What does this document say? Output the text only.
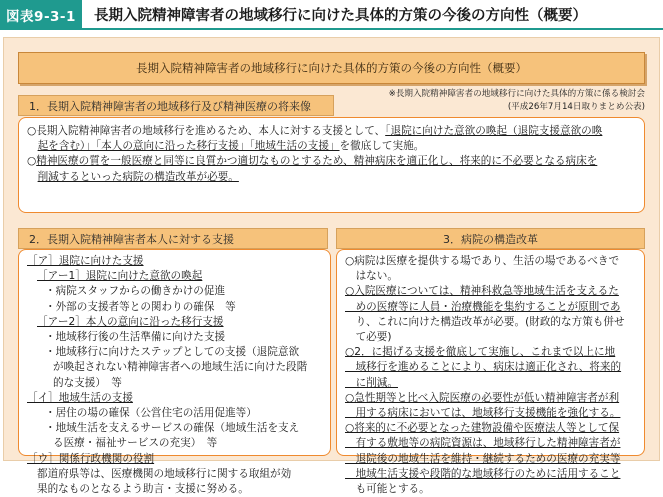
図表9-3-1	長期入院精神障害者の地域移行に向けた具体的方策の今後の方向性（概要）
長期入院精神障害者の地域移行に向けた具体的方策の今後の方向性（概要）
※長期入院精神障害者の地域移行に向けた具体的方策に係る検討会
(平成26年7月14日取りまとめ公表)
1．長期入院精神障害者の地域移行及び精神医療の将来像
○長期入院精神障害者の地域移行を進めるため、本人に対する支援として、「退院に向けた意欲の喚起（退院支援意欲の喚
起を含む）」「本人の意向に沿った移行支援」「地域生活の支援」を徹底して実施。
○精神医療の質を一般医療と同等に良質かつ適切なものとするため、精神病床を適正化し、将来的に不必要となる病床を
削減するといった病院の構造改革が必要。
2．長期入院精神障害者本人に対する支援
［ア］退院に向けた支援
［アー1］退院に向けた意欲の喚起
・病院スタッフからの働きかけの促進
・外部の支援者等との関わりの確保　等
［アー2］本人の意向に沿った移行支援
・地域移行後の生活準備に向けた支援
・地域移行に向けたステップとしての支援（退院意欲
が喚起されない精神障害者への地域生活に向けた段階
的な支援）　等
［イ］地域生活の支援
・居住の場の確保（公営住宅の活用促進等）
・地域生活を支えるサービスの確保（地域生活を支え
る医療・福祉サービスの充実）　等
［ウ］関係行政機関の役割
都道府県等は、医療機関の地域移行に関する取組が効
果的なものとなるよう助言・支援に努める。
3．病院の構造改革
○病院は医療を提供する場であり、生活の場であるべきで
　はない。
○入院医療については、精神科救急等地域生活を支えるた
　めの医療等に人員・治療機能を集約することが原則であ
　り、これに向けた構造改革が必要。(財政的な方策も併せ
　て必要)
○2．に掲げる支援を徹底して実施し、これまで以上に地
　域移行を進めることにより、病床は適正化され、将来的
　に削減。
○急性期等と比べ入院医療の必要性が低い精神障害者が利
　用する病床においては、地域移行支援機能を強化する。
○将来的に不必要となった建物設備や医療法人等として保
　有する敷地等の病院資源は、地域移行した精神障害者が
　退院後の地域生活を維持・継続するための医療の充実等
　地域生活支援や段階的な地域移行のために活用すること
　も可能とする。
